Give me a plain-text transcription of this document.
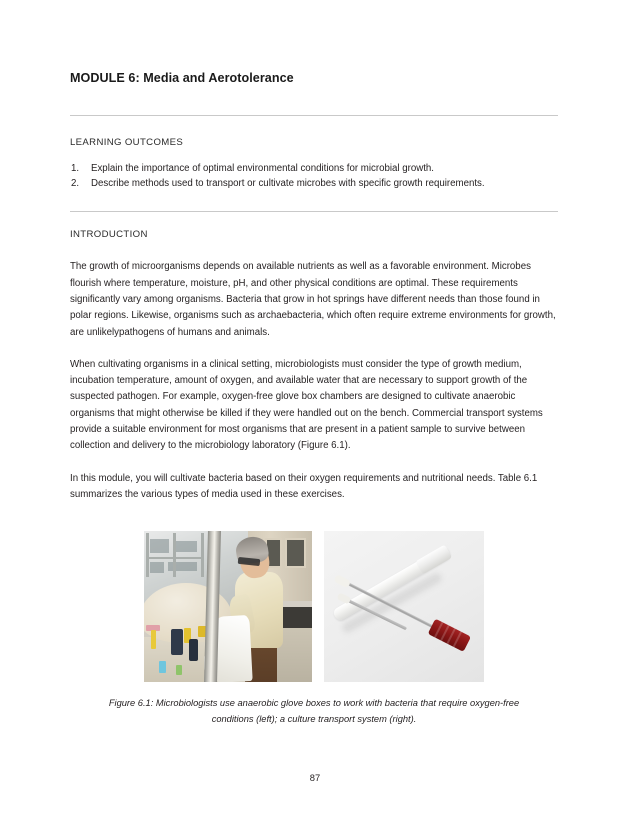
MODULE 6: Media and Aerotolerance
LEARNING OUTCOMES
1. Explain the importance of optimal environmental conditions for microbial growth.
2. Describe methods used to transport or cultivate microbes with specific growth requirements.
INTRODUCTION

The growth of microorganisms depends on available nutrients as well as a favorable environment. Microbes flourish where temperature, moisture, pH, and other physical conditions are optimal. These requirements significantly vary among organisms. Bacteria that grow in hot springs have different needs than those found in polar regions. Likewise, organisms such as archaebacteria, which often require extreme environments for growth, are unlikelypathogens of humans and animals.

When cultivating organisms in a clinical setting, microbiologists must consider the type of growth medium, incubation temperature, amount of oxygen, and available water that are necessary to support growth of the suspected pathogen. For example, oxygen-free glove box chambers are designed to cultivate anaerobic organisms that might otherwise be killed if they were handled out on the bench. Commercial transport systems provide a suitable environment for most organisms that are present in a patient sample to survive between collection and delivery to the microbiology laboratory (Figure 6.1).

In this module, you will cultivate bacteria based on their oxygen requirements and nutritional needs. Table 6.1 summarizes the various types of media used in these exercises.

Figure 6.1: Microbiologists use anaerobic glove boxes to work with bacteria that require oxygen-free conditions (left); a culture transport system (right).
87
